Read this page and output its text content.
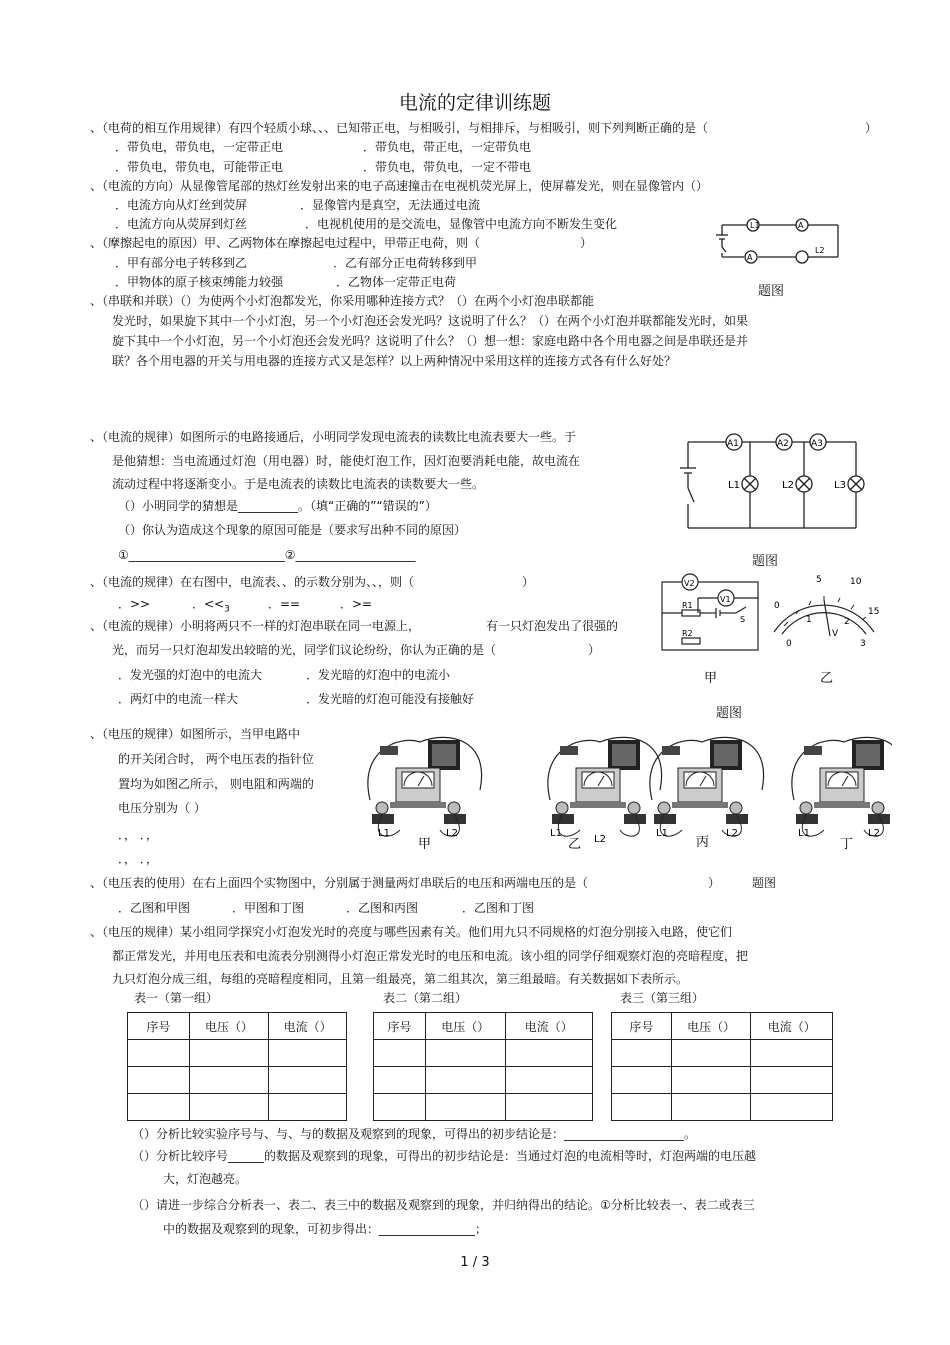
电流的定律训练题
、（电荷的相互作用规律）有四个轻质小球、、、已知带正电，与相吸引，与相排斥，与相吸引，则下列判断正确的是（	）
．带负电，带负电，一定带正电	．带负电，带正电，一定带负电
．带负电，带负电，可能带正电	．带负电，带负电，一定不带电
、（电流的方向）从显像管尾部的热灯丝发射出来的电子高速撞击在电视机荧光屏上，使屏幕发光，则在显像管内（）
．电流方向从灯丝到荧屏	．显像管内是真空，无法通过电流
．电流方向从荧屏到灯丝	．电视机使用的是交流电，显像管中电流方向不断发生变化	L1	A
A
L2
题图
、（摩擦起电的原因）甲、乙两物体在摩擦起电过程中，甲带正电荷，则（	）
．甲有部分电子转移到乙	．乙有部分正电荷转移到甲
．甲物体的原子核束缚能力较强	．乙物体一定带正电荷
、（串联和并联）（）为使两个小灯泡都发光，你采用哪种连接方式？（）在两个小灯泡串联都能
发光时，如果旋下其中一个小灯泡，另一个小灯泡还会发光吗？这说明了什么？（）在两个小灯泡并联都能发光时，如果
旋下其中一个小灯泡，另一个小灯泡还会发光吗？这说明了什么？（）想一想：家庭电路中各个用电器之间是串联还是并
联？各个用电器的开关与用电器的连接方式又是怎样？以上两种情况中采用这样的连接方式各有什么好处？
、（电流的规律）如图所示的电路接通后，小明同学发现电流表的读数比电流表要大一些。于
是他猜想：当电流通过灯泡（用电器）时，能使灯泡工作，因灯泡要消耗电能，故电流在
流动过程中将逐渐变小。于是电流表的读数比电流表的读数要大一些。
（）小明同学的猜想是__________。（填“正确的”“错误的”）
（）你认为造成这个现象的原因可能是（要求写出种不同的原因）
①__________________________②____________________
A1	A2 A3
L1	L2	L3
题图
、（电流的规律）在右图中，电流表、、的示数分别为、、，则（	）
．>>	．$<<_3$	．==	．>=
V2
V1
R1
R2
S
5	10
0
15
0
1	2
3
V
甲	乙
题图
、（电流的规律）小明将两只不一样的灯泡串联在同一电源上，	有一只灯泡发出了很强的
光，而另一只灯泡却发出较暗的光，同学们议论纷纷，你认为正确的是（	）
．发光强的灯泡中的电流大	．发光暗的灯泡中的电流小
．两灯中的电流一样大	．发光暗的灯泡可能没有接触好
、（电压的规律）如图所示，当甲电路中
的开关闭合时， 两个电压表的指针位
置均为如图乙所示， 则电阻和两端的
电压分别为（ ）
．， ．，
．， ．，
L1	L2
甲
L1
L2
乙
L1	L2
丙
L1	L2
丁
、（电压表的使用）在右上面四个实物图中，分别属于测量两灯串联后的电压和两端电压的是（	）	题图
．乙图和甲图	．甲图和丁图	．乙图和丙图	．乙图和丁图
、（电压的规律）某小组同学探究小灯泡发光时的亮度与哪些因素有关。他们用九只不同规格的灯泡分别接入电路，使它们
都正常发光，并用电压表和电流表分别测得小灯泡正常发光时的电压和电流。该小组的同学仔细观察灯泡的亮暗程度，把
九只灯泡分成三组，每组的亮暗程度相同，且第一组最亮，第二组其次，第三组最暗。有关数据如下表所示。
表一（第一组）	表二（第二组）	表三（第三组）
序号	电压（）	电流（）

			序号	电压（）	电流（）

			序号	电压（）	电流（）

（）分析比较实验序号与、与、与的数据及观察到的现象，可得出的初步结论是：____________________。
（）分析比较序号______的数据及观察到的现象，可得出的初步结论是：当通过灯泡的电流相等时，灯泡两端的电压越
大，灯泡越亮。
（）请进一步综合分析表一、表二、表三中的数据及观察到的现象，并归纳得出的结论。①分析比较表一、表二或表三
中的数据及观察到的现象，可初步得出：________________；
1 / 3
